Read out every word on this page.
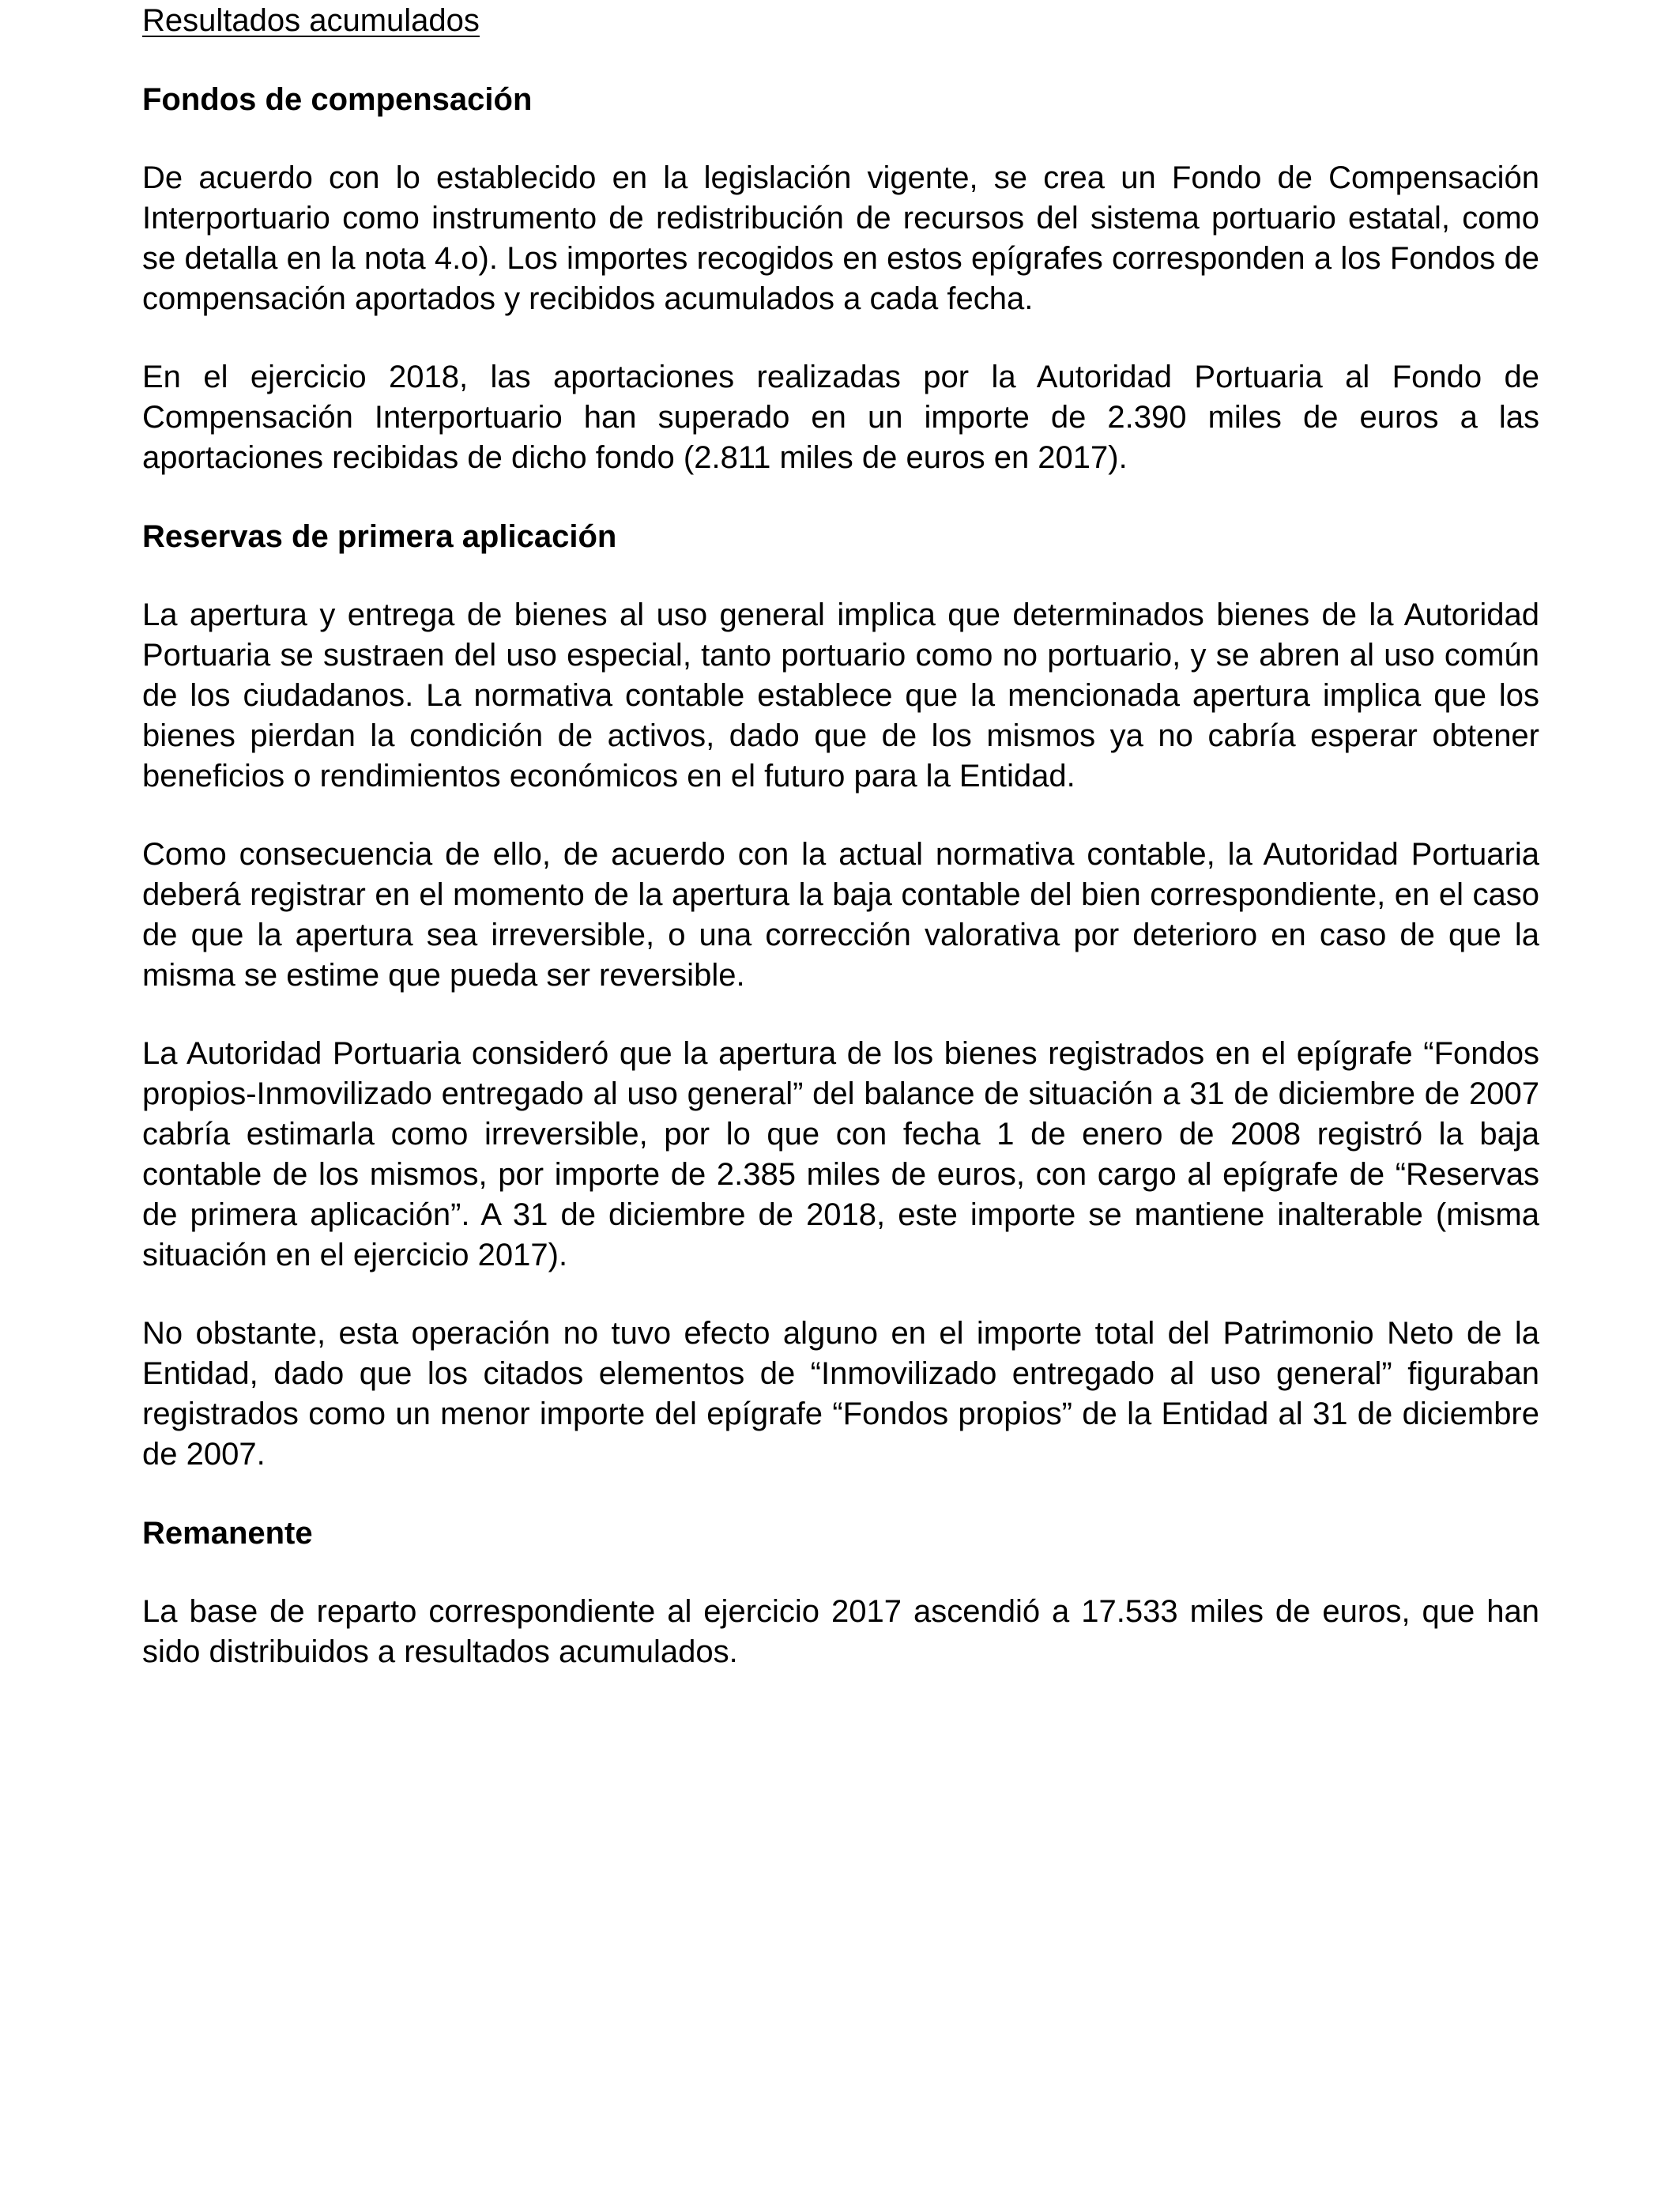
Resultados acumulados
Fondos de compensación

De acuerdo con lo establecido en la legislación vigente, se crea un Fondo de Compensación Interportuario como instrumento de redistribución de recursos del sistema portuario estatal, como se detalla en la nota 4.o). Los importes recogidos en estos epígrafes corresponden a los Fondos de compensación aportados y recibidos acumulados a cada fecha.

En el ejercicio 2018, las aportaciones realizadas por la Autoridad Portuaria al Fondo de Compensación Interportuario han superado en un importe de 2.390 miles de euros a las aportaciones recibidas de dicho fondo (2.811 miles de euros en 2017).

Reservas de primera aplicación

La apertura y entrega de bienes al uso general implica que determinados bienes de la Autoridad Portuaria se sustraen del uso especial, tanto portuario como no portuario, y se abren al uso común de los ciudadanos. La normativa contable establece que la mencionada apertura implica que los bienes pierdan la condición de activos, dado que de los mismos ya no cabría esperar obtener beneficios o rendimientos económicos en el futuro para la Entidad.

Como consecuencia de ello, de acuerdo con la actual normativa contable, la Autoridad Portuaria deberá registrar en el momento de la apertura la baja contable del bien correspondiente, en el caso de que la apertura sea irreversible, o una corrección valorativa por deterioro en caso de que la misma se estime que pueda ser reversible.

La Autoridad Portuaria consideró que la apertura de los bienes registrados en el epígrafe “Fondos propios-Inmovilizado entregado al uso general” del balance de situación a 31 de diciembre de 2007 cabría estimarla como irreversible, por lo que con fecha 1 de enero de 2008 registró la baja contable de los mismos, por importe de 2.385 miles de euros, con cargo al epígrafe de “Reservas de primera aplicación”. A 31 de diciembre de 2018, este importe se mantiene inalterable (misma situación en el ejercicio 2017).

No obstante, esta operación no tuvo efecto alguno en el importe total del Patrimonio Neto de la Entidad, dado que los citados elementos de “Inmovilizado entregado al uso general” figuraban registrados como un menor importe del epígrafe “Fondos propios” de la Entidad al 31 de diciembre de 2007.

Remanente

La base de reparto correspondiente al ejercicio 2017 ascendió a 17.533 miles de euros, que han sido distribuidos a resultados acumulados.
